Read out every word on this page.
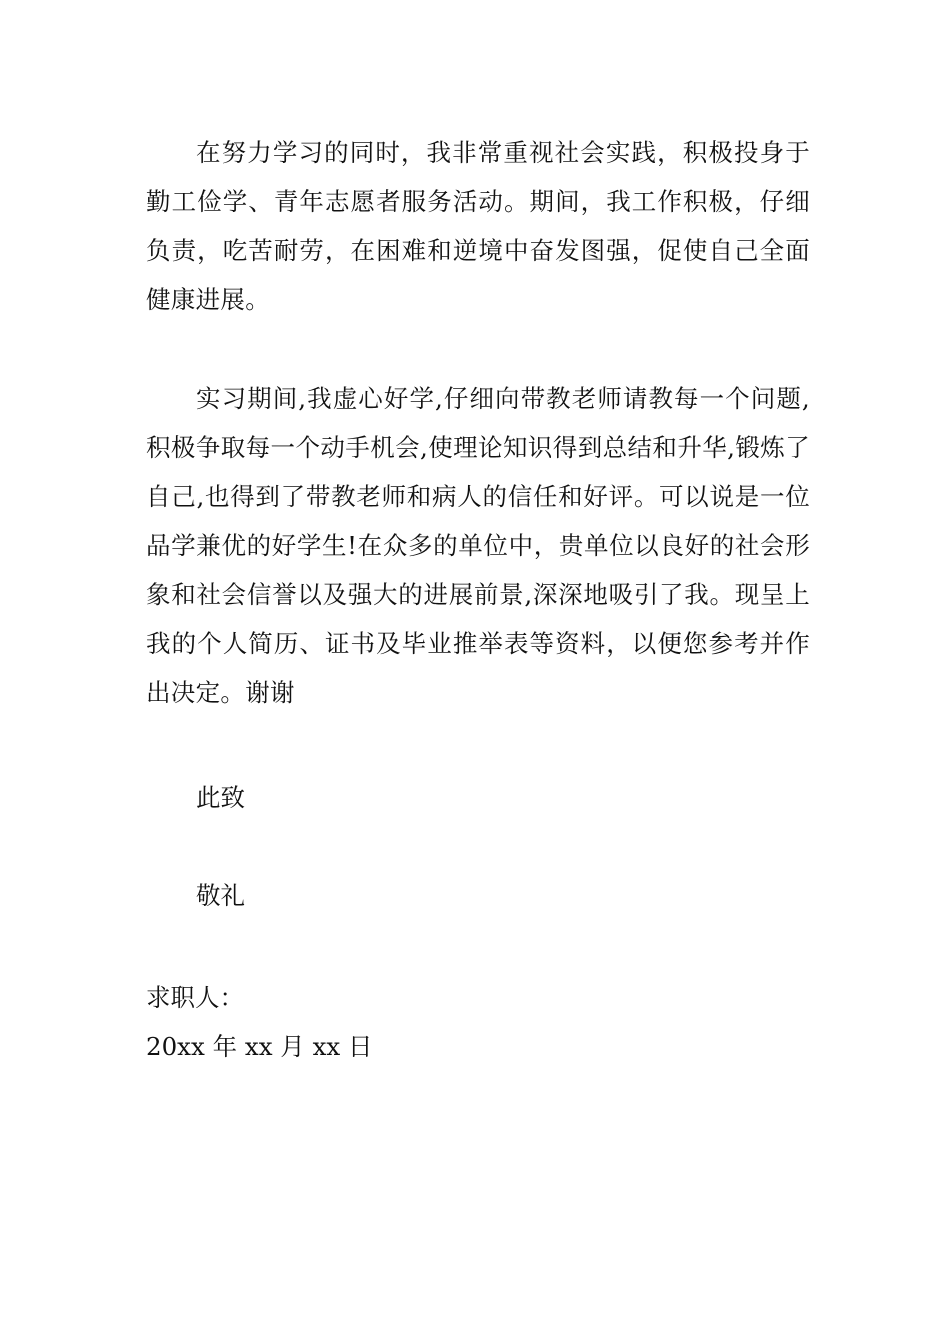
在努力学习的同时，我非常重视社会实践，积极投身于勤工俭学、青年志愿者服务活动。期间，我工作积极，仔细负责，吃苦耐劳，在困难和逆境中奋发图强，促使自己全面健康进展。

实习期间,我虚心好学,仔细向带教老师请教每一个问题,积极争取每一个动手机会,使理论知识得到总结和升华,锻炼了自己,也得到了带教老师和病人的信任和好评。可以说是一位品学兼优的好学生!在众多的单位中，贵单位以良好的社会形象和社会信誉以及强大的进展前景,深深地吸引了我。现呈上我的个人简历、证书及毕业推举表等资料，以便您参考并作出决定。谢谢

此致

敬礼

求职人：

20xx 年 xx 月 xx 日
